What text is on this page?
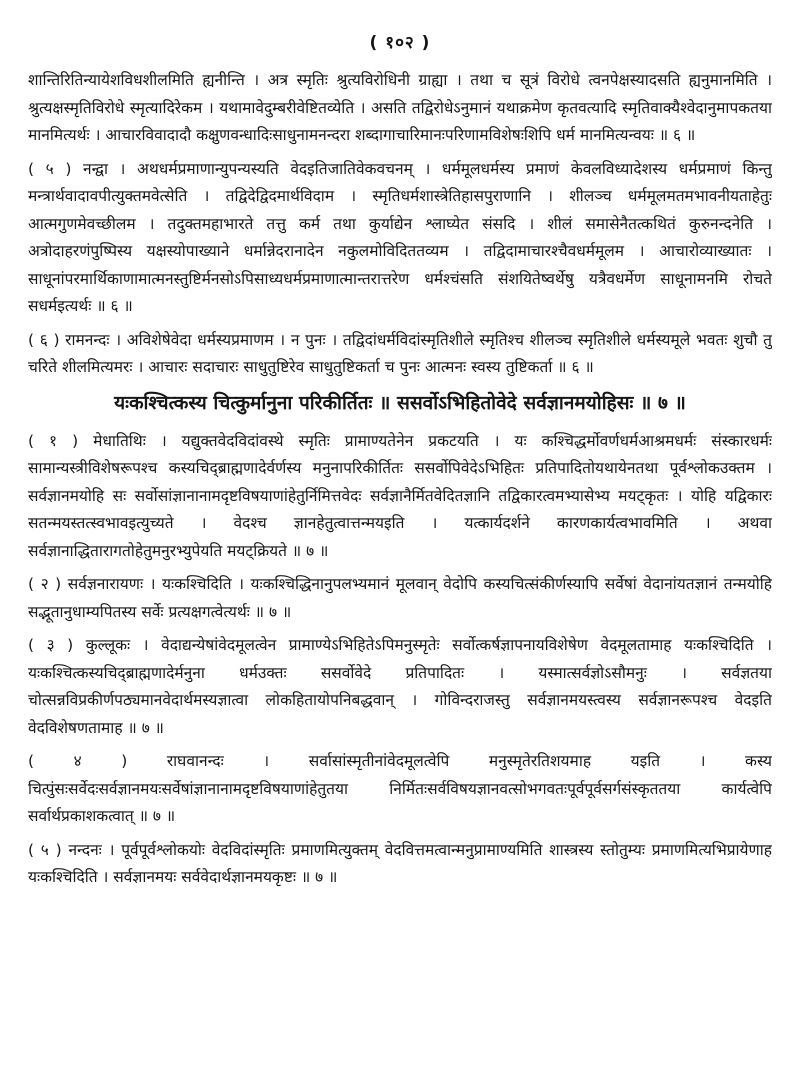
( १०२ )

शान्तिरितिन्यायेशविधशीलमिति ह्यनीन्ति । अत्र स्मृतिः श्रुत्यविरोधिनी ग्राह्या । तथा च सूत्रं विरोधे त्वनपेक्षस्यादसति ह्यनुमानमिति । श्रुत्यक्षस्मृतिविरोधे स्मृत्यादिरेकम । यथामावेदुम्बरीवेष्टितव्येति । असति तद्विरोधेऽनुमानं यथाक्रमेण कृतवत्यादि स्मृतिवाक्यैश्वेदानुमापकतया मानमित्यर्थः । आचारविवादादौ कक्षुणवन्धादिःसाधुनामनन्दरा शब्दागाचारिमानःपरिणामविशेषःशिपि धर्म मानमित्यन्वयः ॥ ६ ॥

( ५ ) नन्द्वा । अथधर्मप्रमाणान्युपन्यस्यति वेदइतिजातिवेकवचनम् । धर्ममूलधर्मस्य प्रमाणं केवलविध्यादेशस्य धर्मप्रमाणं किन्तु मन्त्रार्थवादावपीत्युक्तमवेत्सेति । तद्विदेद्विदमार्थविदाम । स्मृतिधर्मशास्त्रेतिहासपुराणानि । शीलञ्च धर्ममूलमतमभावनीयताहेतुः आत्मगुणमेवच्छीलम । तदुक्तमहाभारते तत्तु कर्म तथा कुर्याद्येन श्लाघ्येत संसदि । शीलं समासेनैतत्कथितं कुरुनन्दनेति । अत्रोदाहरणंपुष्पिस्य यक्षस्योपाख्याने धर्मान्नेदरानादेन नकुलमोविदिततव्यम । तद्विदामाचारश्चैवधर्ममूलम । आचारोव्याख्यातः । साधूनांपरमार्थिकाणामात्मनस्तुष्टिर्मनसोऽपिसाध्यधर्मप्रमाणात्मान्तरात्तरेण धर्मश्चंसति संशयितेष्वर्थेषु यत्रैवधर्मेण साधूनामनमि रोचते सधर्मइत्यर्थः ॥ ६ ॥

( ६ ) रामनन्दः । अविशेषेवेदा धर्मस्यप्रमाणम । न पुनः । तद्विदांधर्मविदांस्मृतिशीले स्मृतिश्च शीलञ्च स्मृतिशीले धर्मस्यमूले भवतः शुचौ तु चरिते शीलमित्यमरः । आचारः सदाचारः साधुतुष्टिरेव साधुतुष्टिकर्ता च पुनः आत्मनः स्वस्य तुष्टिकर्ता ॥ ६ ॥

यःकश्चित्कस्य चित्कुर्मानुना परिकीर्तितः ॥ ससर्वोऽभिहितोवेदे सर्वज्ञानमयोहिसः ॥ ७ ॥

( १ ) मेधातिथिः । यद्युक्तवेदविदांवस्थे स्मृतिः प्रामाण्यतेनेन प्रकटयति । यः कश्चिद्धर्मोवर्णधर्मआश्रमधर्मः संस्कारधर्मः सामान्यस्त्रीविशेषरूपश्च कस्यचिद्ब्राह्मणादेर्वर्णस्य मनुनापरिकीर्तितः ससर्वोपिवेदेऽभिहितः प्रतिपादितोयथायेनतथा पूर्वश्लोकउक्तम । सर्वज्ञानमयोहि सः सर्वोसांज्ञानानामदृष्टविषयाणांहेतुर्निमित्तवेदः सर्वज्ञानैर्मितवेदितज्ञानि तद्विकारत्वमभ्यासेभ्य मयट्कृतः । योहि यद्विकारः सतन्मयस्तत्स्वभावइत्युच्यते । वेदश्च ज्ञानहेतुत्वात्तन्मयइति । यत्कार्यदर्शने कारणकार्यत्वभावमिति । अथवा सर्वज्ञानाद्धितारागतोहेतुमनुरभ्युपेयति मयट्क्रियते ॥ ७ ॥

( २ ) सर्वज्ञनारायणः । यःकश्चिदिति । यःकश्चिद्धिनानुपलभ्यमानं मूलवान् वेदोपि कस्यचित्संकीर्णस्यापि सर्वेषां वेदानांयतज्ञानं तन्मयोहि सद्भूतानुधाम्यपितस्य सर्वेः प्रत्यक्षगत्वेत्यर्थः ॥ ७ ॥

( ३ ) कुल्लूकः । वेदाद्यन्येषांवेदमूलत्वेन प्रामाण्येऽभिहितेऽपिमनुस्मृतेः सर्वोत्कर्षज्ञापनायविशेषेण वेदमूलतामाह यःकश्चिदिति । यःकश्चित्कस्यचिद्ब्राह्मणादेर्मनुना धर्मउक्तः ससर्वोवेदे प्रतिपादितः । यस्मात्सर्वज्ञोऽसौमनुः । सर्वज्ञतया चोत्सन्नविप्रकीर्णपठ्यमानवेदार्थमस्यज्ञात्वा लोकहितायोपनिबद्धवान् । गोविन्दराजस्तु सर्वज्ञानमयस्त्वस्य सर्वज्ञानरूपश्च वेदइति वेदविशेषणतामाह ॥ ७ ॥

( ४ ) राघवानन्दः । सर्वासांस्मृतीनांवेदमूलत्वेपि मनुस्मृतेरतिशयमाह यइति । कस्य चित्पुंसःसर्वेदःसर्वज्ञानमयःसर्वेषांज्ञानानामदृष्टविषयाणांहेतुतया निर्मितःसर्वविषयज्ञानवत्सोभगवतःपूर्वपूर्वसर्गसंस्कृततया कार्यत्वेपि सर्वार्थप्रकाशकत्वात् ॥ ७ ॥

( ५ ) नन्दनः । पूर्वपूर्वश्लोकयोः वेदविदांस्मृतिः प्रमाणमित्युक्तम् वेदवित्तमत्वान्मनुप्रामाण्यमिति शास्त्रस्य स्तोतुम्यः प्रमाणमित्यभिप्रायेणाह यःकश्चिदिति । सर्वज्ञानमयः सर्ववेदार्थज्ञानमयकृष्टः ॥ ७ ॥
